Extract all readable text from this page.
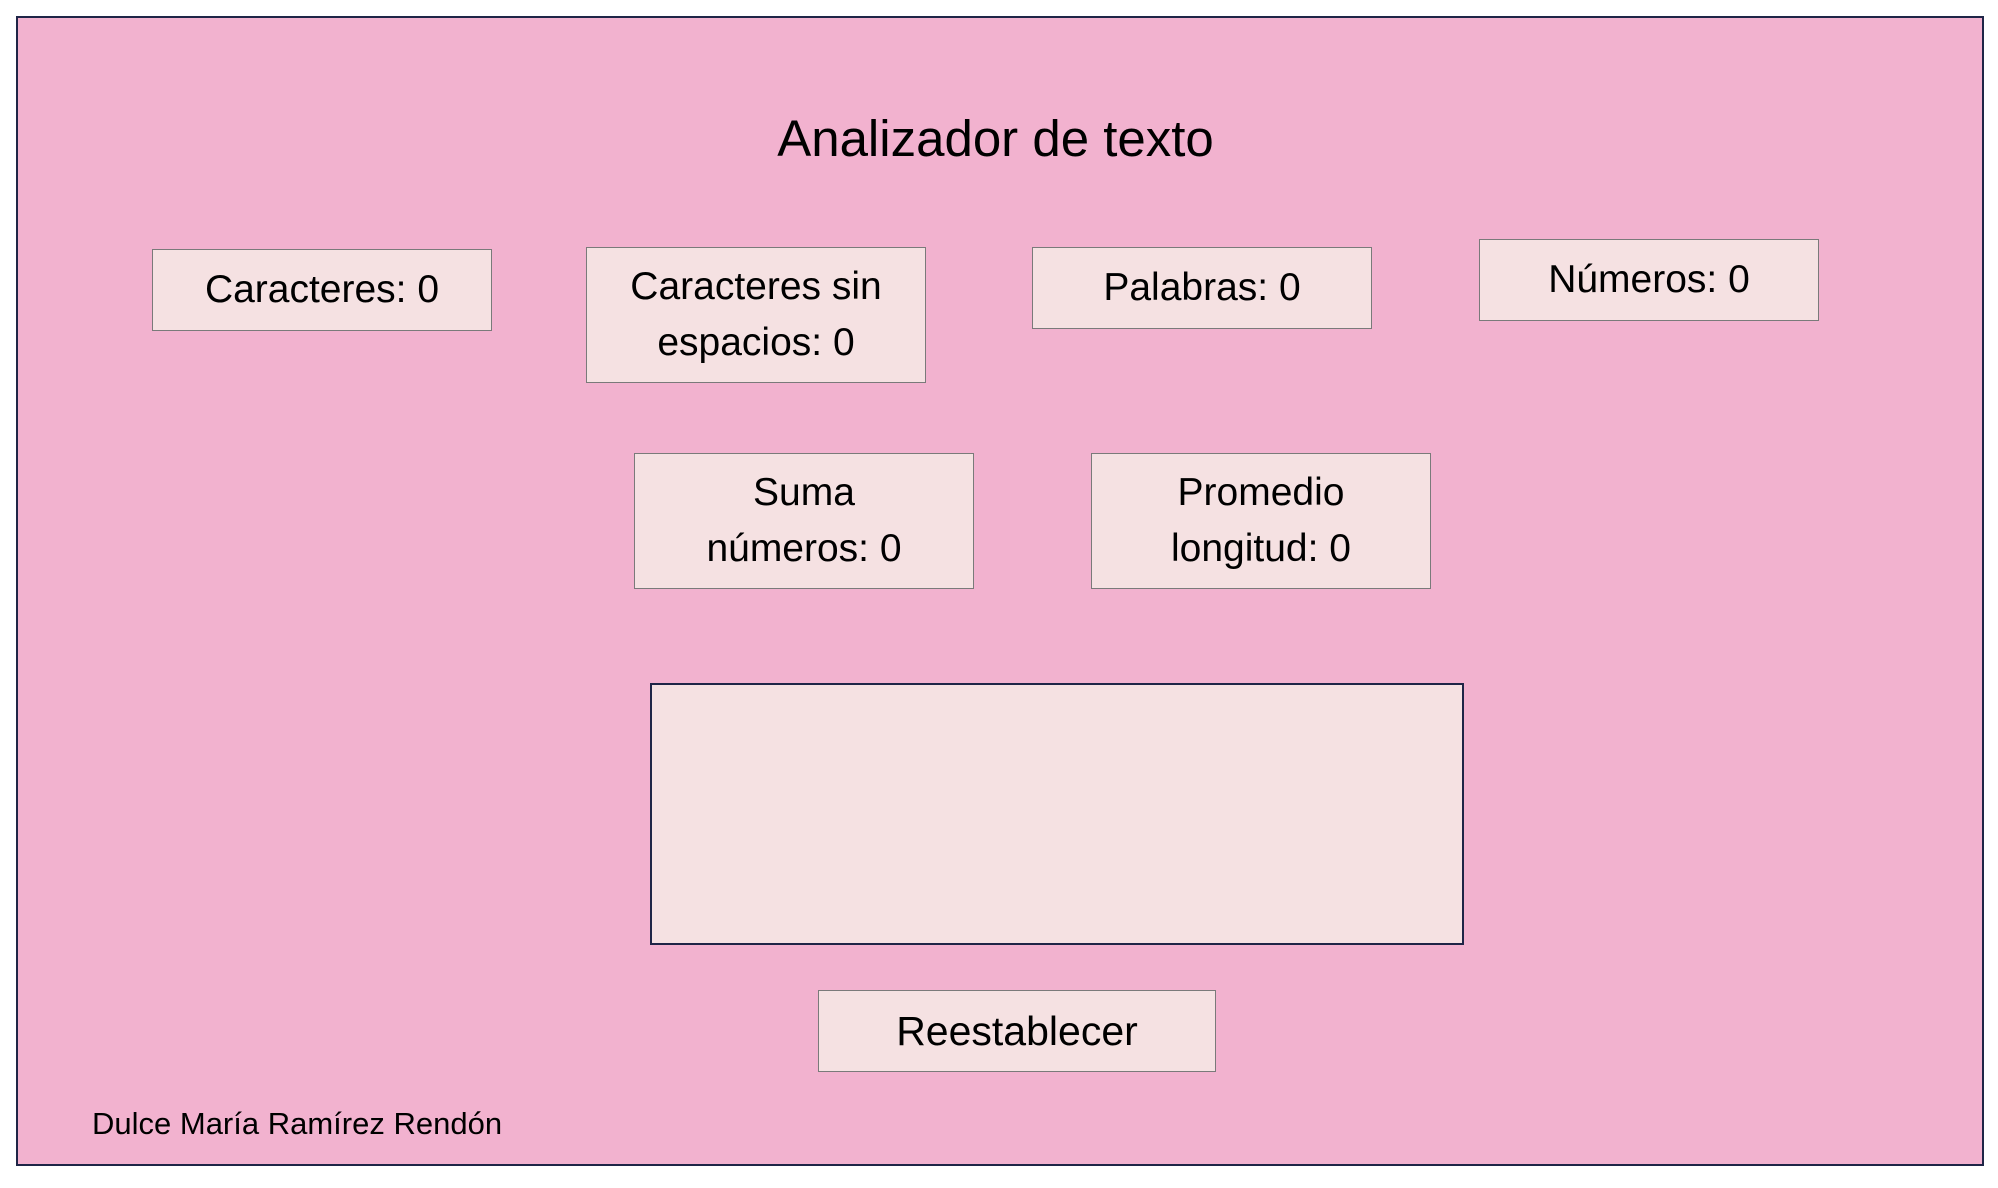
Analizador de texto
Caracteres: 0	Caracteres sin
espacios: 0
Palabras: 0	Números: 0
Suma
números: 0
Promedio
longitud: 0
Reestablecer
Dulce María Ramírez Rendón
